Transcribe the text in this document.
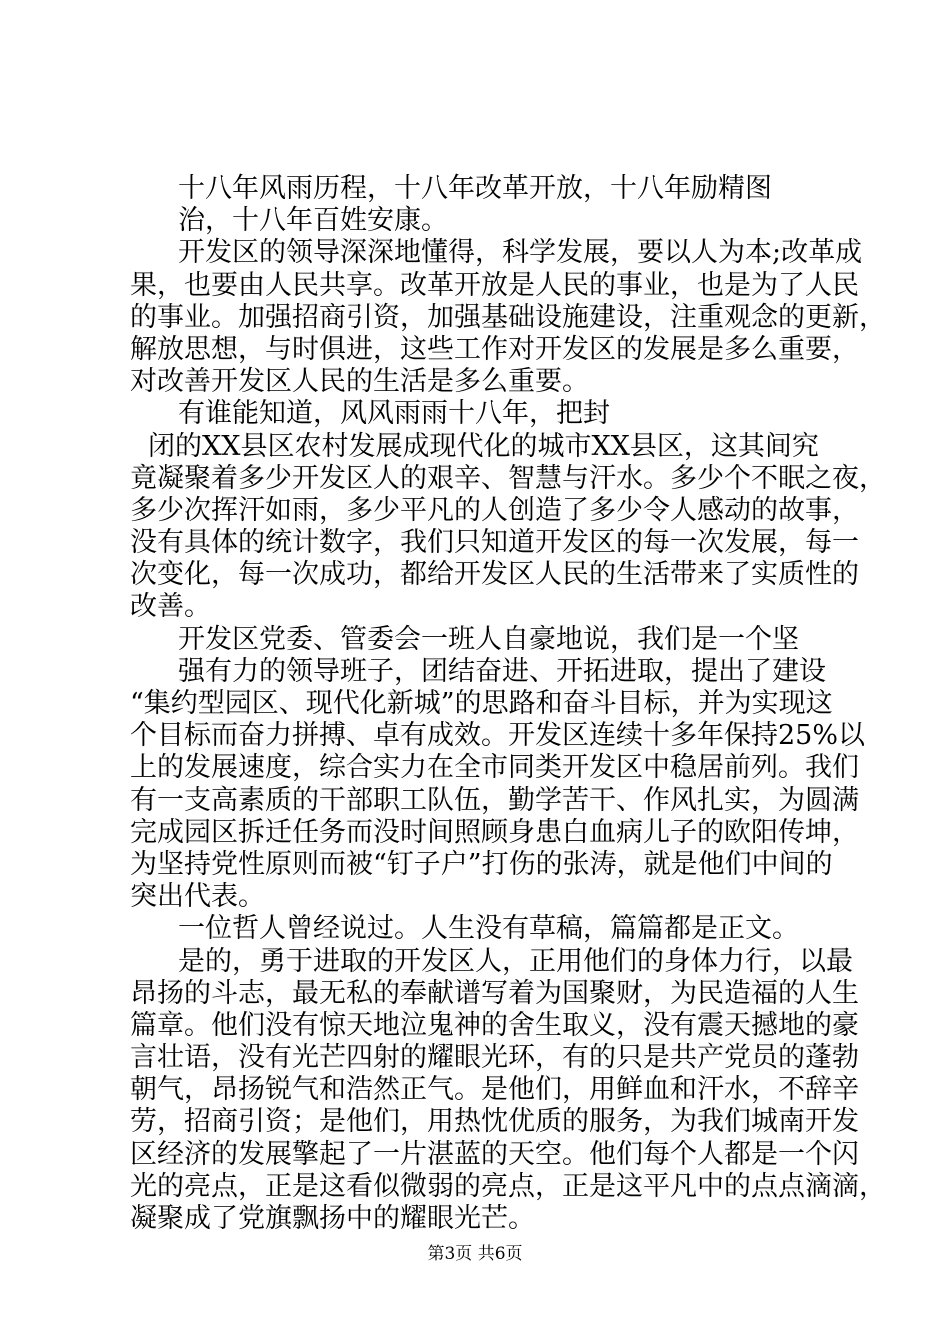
十八年风雨历程，十八年改革开放，十八年励精图
治，十八年百姓安康。
开发区的领导深深地懂得，科学发展，要以人为本;改革成
果，也要由人民共享。改革开放是人民的事业，也是为了人民
的事业。加强招商引资，加强基础设施建设，注重观念的更新，
解放思想，与时俱进，这些工作对开发区的发展是多么重要，
对改善开发区人民的生活是多么重要。
有谁能知道，风风雨雨十八年，把封
闭的XX县区农村发展成现代化的城市XX县区，这其间究
竟凝聚着多少开发区人的艰辛、智慧与汗水。多少个不眠之夜，
多少次挥汗如雨，多少平凡的人创造了多少令人感动的故事，
没有具体的统计数字，我们只知道开发区的每一次发展，每一
次变化，每一次成功，都给开发区人民的生活带来了实质性的
改善。
开发区党委、管委会一班人自豪地说，我们是一个坚
强有力的领导班子，团结奋进、开拓进取，提出了建设
“集约型园区、现代化新城”的思路和奋斗目标，并为实现这
个目标而奋力拼搏、卓有成效。开发区连续十多年保持25%以
上的发展速度，综合实力在全市同类开发区中稳居前列。我们
有一支高素质的干部职工队伍，勤学苦干、作风扎实，为圆满
完成园区拆迁任务而没时间照顾身患白血病儿子的欧阳传坤，
为坚持党性原则而被“钉子户”打伤的张涛，就是他们中间的
突出代表。
一位哲人曾经说过。人生没有草稿，篇篇都是正文。
是的，勇于进取的开发区人，正用他们的身体力行，以最
昂扬的斗志，最无私的奉献谱写着为国聚财，为民造福的人生
篇章。他们没有惊天地泣鬼神的舍生取义，没有震天撼地的豪
言壮语，没有光芒四射的耀眼光环，有的只是共产党员的蓬勃
朝气，昂扬锐气和浩然正气。是他们，用鲜血和汗水，不辞辛
劳，招商引资；是他们，用热忱优质的服务，为我们城南开发
区经济的发展擎起了一片湛蓝的天空。他们每个人都是一个闪
光的亮点，正是这看似微弱的亮点，正是这平凡中的点点滴滴，
凝聚成了党旗飘扬中的耀眼光芒。
第3页 共6页
